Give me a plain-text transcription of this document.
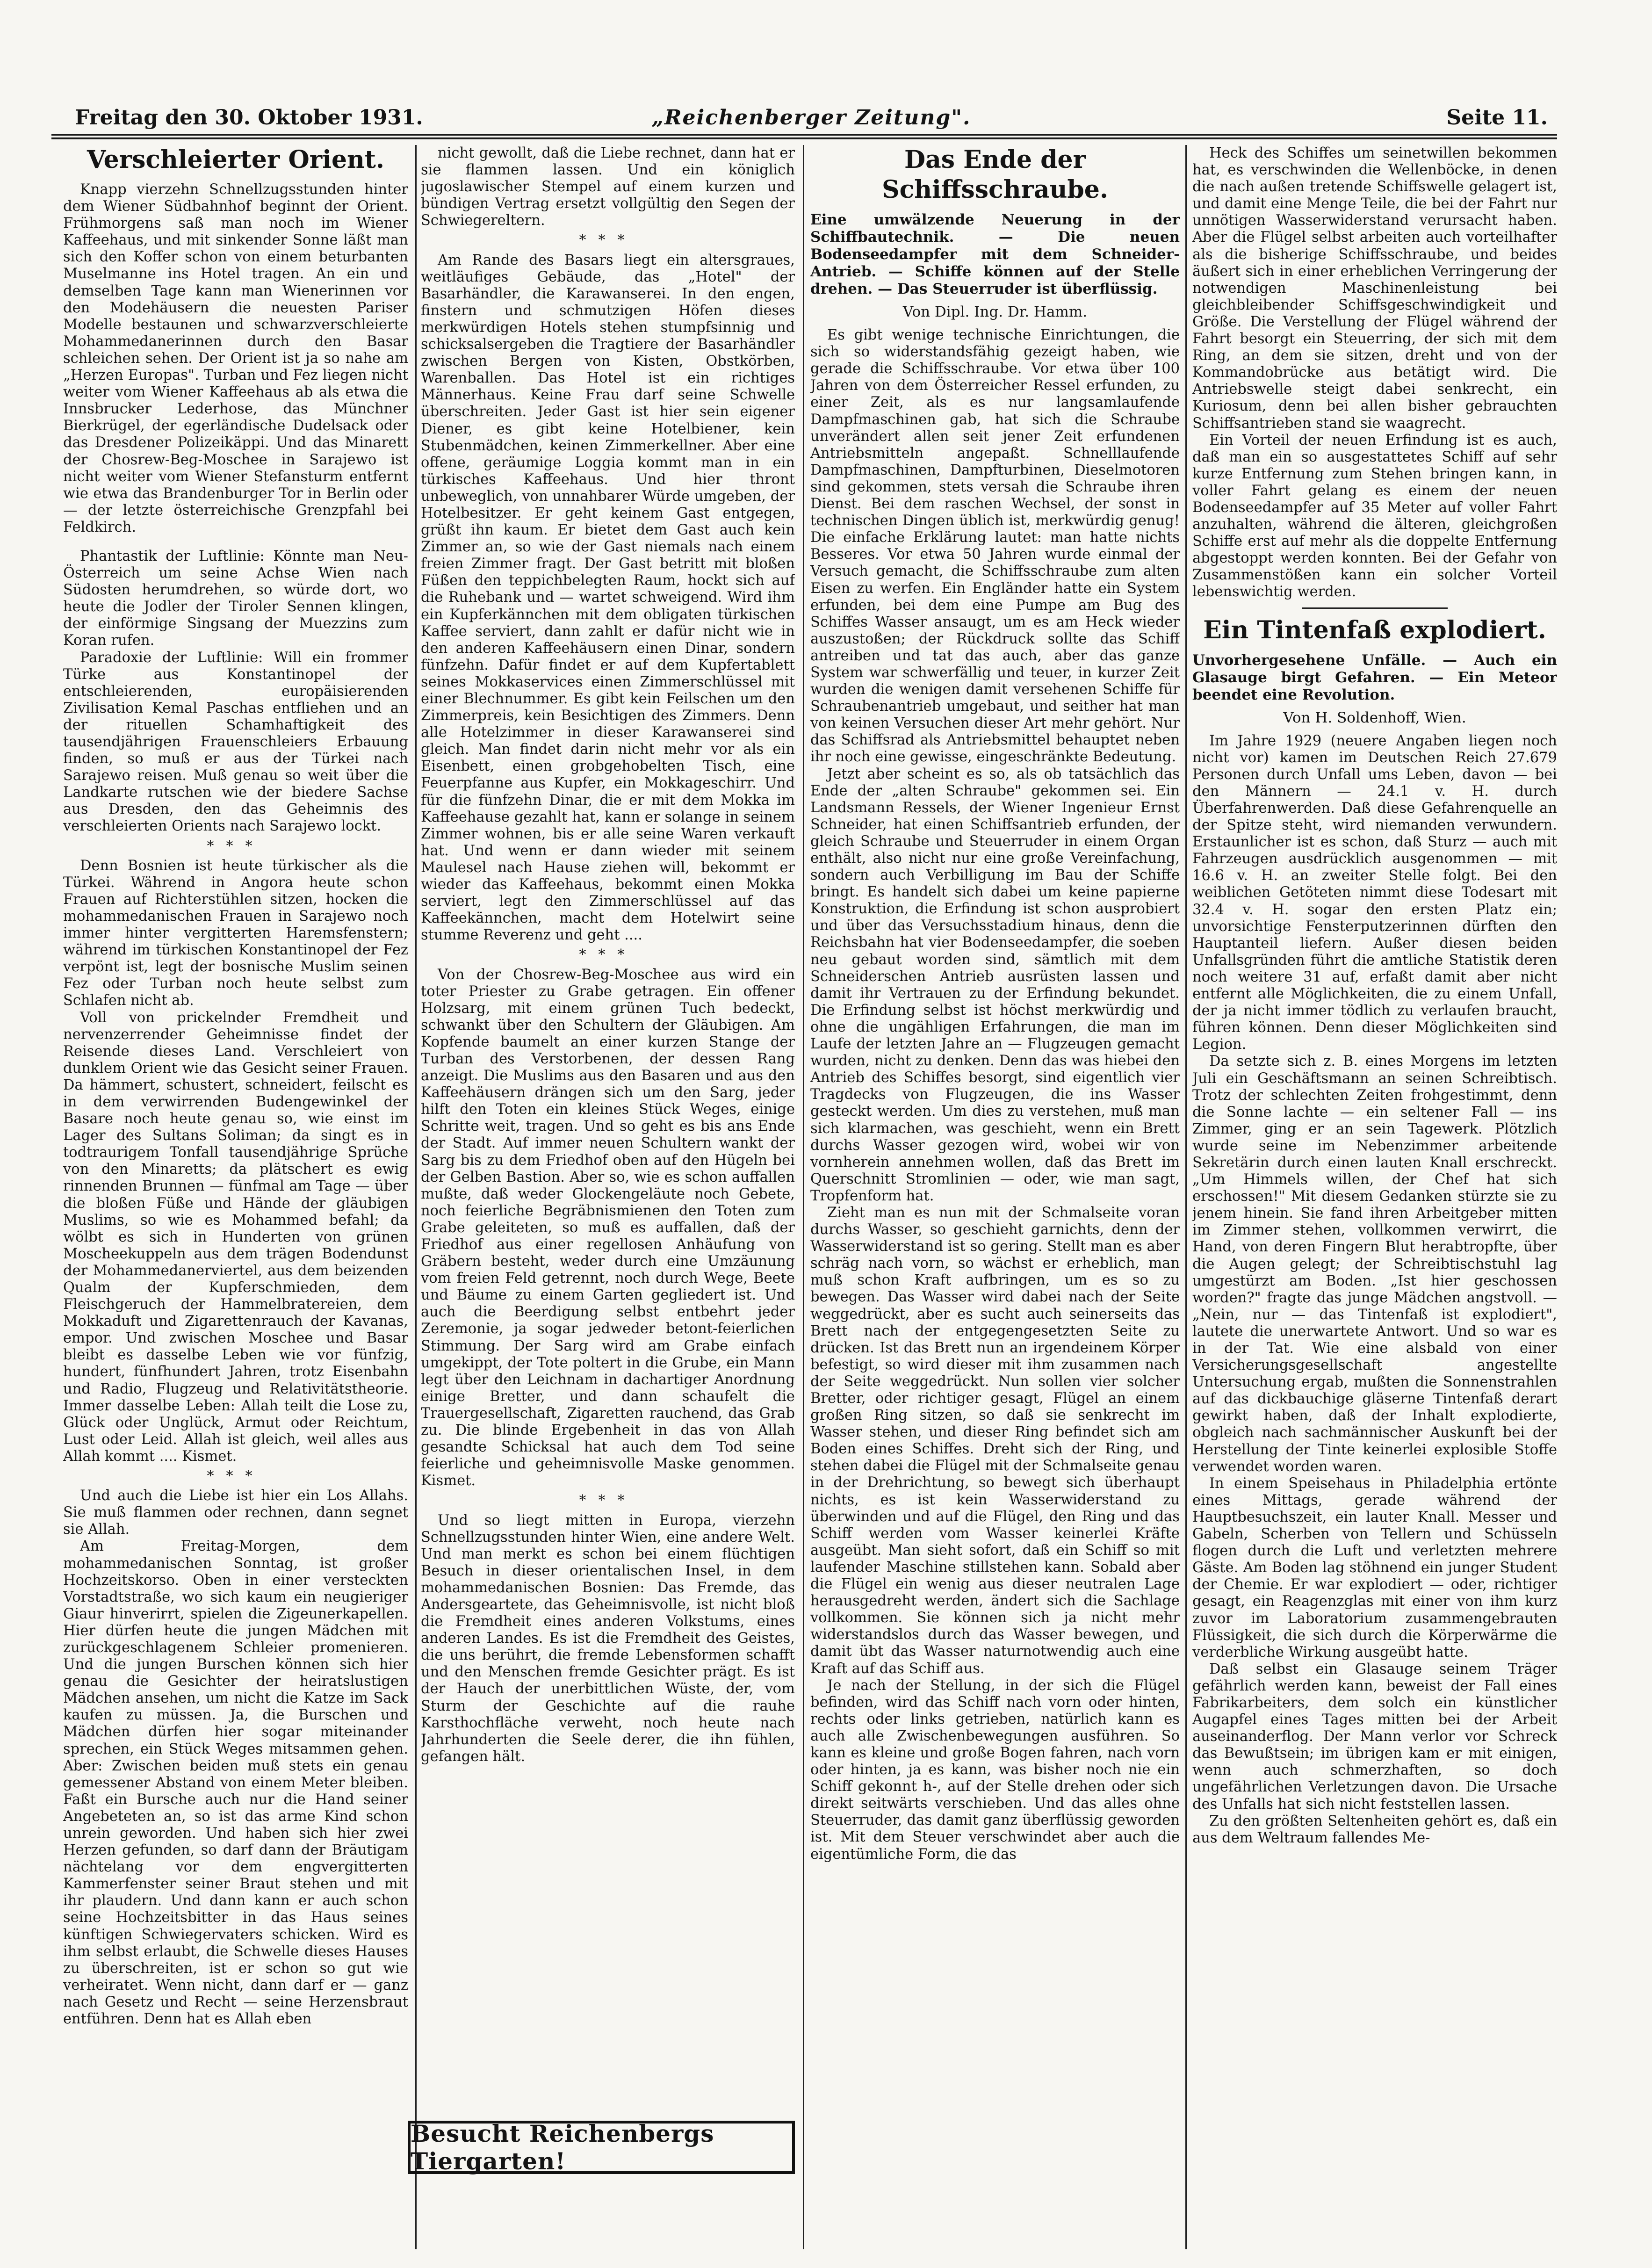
Freitag den 30. Oktober 1931.	„Reichenberger Zeitung".	Seite 11.
Verschleierter Orient.

Knapp vierzehn Schnellzugsstunden hinter dem Wiener Südbahnhof beginnt der Orient. Frühmorgens saß man noch im Wiener Kaffeehaus, und mit sinkender Sonne läßt man sich den Koffer schon von einem beturbanten Muselmanne ins Hotel tragen. An ein und demselben Tage kann man Wienerinnen vor den Modehäusern die neuesten Pariser Modelle bestaunen und schwarzverschleierte Mohammedanerinnen durch den Basar schleichen sehen. Der Orient ist ja so nahe am „Herzen Europas". Turban und Fez liegen nicht weiter vom Wiener Kaffeehaus ab als etwa die Innsbrucker Lederhose, das Münchner Bierkrügel, der egerländische Dudelsack oder das Dresdener Polizeikäppi. Und das Minarett der Chosrew-Beg-Moschee in Sarajewo ist nicht weiter vom Wiener Stefansturm entfernt wie etwa das Brandenburger Tor in Berlin oder — der letzte österreichische Grenzpfahl bei Feldkirch.

Phantastik der Luftlinie: Könnte man Neu-Österreich um seine Achse Wien nach Südosten herumdrehen, so würde dort, wo heute die Jodler der Tiroler Sennen klingen, der einförmige Singsang der Muezzins zum Koran rufen.

Paradoxie der Luftlinie: Will ein frommer Türke aus Konstantinopel der entschleierenden, europäisierenden Zivilisation Kemal Paschas entfliehen und an der rituellen Schamhaftigkeit des tausendjährigen Frauenschleiers Erbauung finden, so muß er aus der Türkei nach Sarajewo reisen. Muß genau so weit über die Landkarte rutschen wie der biedere Sachse aus Dresden, den das Geheimnis des verschleierten Orients nach Sarajewo lockt.

***

Denn Bosnien ist heute türkischer als die Türkei. Während in Angora heute schon Frauen auf Richterstühlen sitzen, hocken die mohammedanischen Frauen in Sarajewo noch immer hinter vergitterten Haremsfenstern; während im türkischen Konstantinopel der Fez verpönt ist, legt der bosnische Muslim seinen Fez oder Turban noch heute selbst zum Schlafen nicht ab.

Voll von prickelnder Fremdheit und nervenzerrender Geheimnisse findet der Reisende dieses Land. Verschleiert von dunklem Orient wie das Gesicht seiner Frauen. Da hämmert, schustert, schneidert, feilscht es in dem verwirrenden Budengewinkel der Basare noch heute genau so, wie einst im Lager des Sultans Soliman; da singt es in todtraurigem Tonfall tausendjährige Sprüche von den Minaretts; da plätschert es ewig rinnenden Brunnen — fünfmal am Tage — über die bloßen Füße und Hände der gläubigen Muslims, so wie es Mohammed befahl; da wölbt es sich in Hunderten von grünen Moscheekuppeln aus dem trägen Bodendunst der Mohammedanerviertel, aus dem beizenden Qualm der Kupferschmieden, dem Fleischgeruch der Hammelbratereien, dem Mokkaduft und Zigarettenrauch der Kavanas, empor. Und zwischen Moschee und Basar bleibt es dasselbe Leben wie vor fünfzig, hundert, fünfhundert Jahren, trotz Eisenbahn und Radio, Flugzeug und Relativitätstheorie. Immer dasselbe Leben: Allah teilt die Lose zu, Glück oder Unglück, Armut oder Reichtum, Lust oder Leid. Allah ist gleich, weil alles aus Allah kommt .... Kismet.

***

Und auch die Liebe ist hier ein Los Allahs. Sie muß flammen oder rechnen, dann segnet sie Allah.

Am Freitag-Morgen, dem mohammedanischen Sonntag, ist großer Hochzeitskorso. Oben in einer versteckten Vorstadtstraße, wo sich kaum ein neugieriger Giaur hinverirrt, spielen die Zigeunerkapellen. Hier dürfen heute die jungen Mädchen mit zurückgeschlagenem Schleier promenieren. Und die jungen Burschen können sich hier genau die Gesichter der heiratslustigen Mädchen ansehen, um nicht die Katze im Sack kaufen zu müssen. Ja, die Burschen und Mädchen dürfen hier sogar miteinander sprechen, ein Stück Weges mitsammen gehen. Aber: Zwischen beiden muß stets ein genau gemessener Abstand von einem Meter bleiben. Faßt ein Bursche auch nur die Hand seiner Angebeteten an, so ist das arme Kind schon unrein geworden. Und haben sich hier zwei Herzen gefunden, so darf dann der Bräutigam nächtelang vor dem engvergitterten Kammerfenster seiner Braut stehen und mit ihr plaudern. Und dann kann er auch schon seine Hochzeitsbitter in das Haus seines künftigen Schwiegervaters schicken. Wird es ihm selbst erlaubt, die Schwelle dieses Hauses zu überschreiten, ist er schon so gut wie verheiratet. Wenn nicht, dann darf er — ganz nach Gesetz und Recht — seine Herzensbraut entführen. Denn hat es Allah eben

nicht gewollt, daß die Liebe rechnet, dann hat er sie flammen lassen. Und ein königlich jugoslawischer Stempel auf einem kurzen und bündigen Vertrag ersetzt vollgültig den Segen der Schwiegereltern.

***

Am Rande des Basars liegt ein altersgraues, weitläufiges Gebäude, das „Hotel" der Basarhändler, die Karawanserei. In den engen, finstern und schmutzigen Höfen dieses merkwürdigen Hotels stehen stumpfsinnig und schicksalsergeben die Tragtiere der Basarhändler zwischen Bergen von Kisten, Obstkörben, Warenballen. Das Hotel ist ein richtiges Männerhaus. Keine Frau darf seine Schwelle überschreiten. Jeder Gast ist hier sein eigener Diener, es gibt keine Hotelbiener, kein Stubenmädchen, keinen Zimmerkellner. Aber eine offene, geräumige Loggia kommt man in ein türkisches Kaffeehaus. Und hier thront unbeweglich, von unnahbarer Würde umgeben, der Hotelbesitzer. Er geht keinem Gast entgegen, grüßt ihn kaum. Er bietet dem Gast auch kein Zimmer an, so wie der Gast niemals nach einem freien Zimmer fragt. Der Gast betritt mit bloßen Füßen den teppichbelegten Raum, hockt sich auf die Ruhebank und — wartet schweigend. Wird ihm ein Kupferkännchen mit dem obligaten türkischen Kaffee serviert, dann zahlt er dafür nicht wie in den anderen Kaffeehäusern einen Dinar, sondern fünfzehn. Dafür findet er auf dem Kupfertablett seines Mokkaservices einen Zimmerschlüssel mit einer Blechnummer. Es gibt kein Feilschen um den Zimmerpreis, kein Besichtigen des Zimmers. Denn alle Hotelzimmer in dieser Karawanserei sind gleich. Man findet darin nicht mehr vor als ein Eisenbett, einen grobgehobelten Tisch, eine Feuerpfanne aus Kupfer, ein Mokkageschirr. Und für die fünfzehn Dinar, die er mit dem Mokka im Kaffeehause gezahlt hat, kann er solange in seinem Zimmer wohnen, bis er alle seine Waren verkauft hat. Und wenn er dann wieder mit seinem Maulesel nach Hause ziehen will, bekommt er wieder das Kaffeehaus, bekommt einen Mokka serviert, legt den Zimmerschlüssel auf das Kaffeekännchen, macht dem Hotelwirt seine stumme Reverenz und geht ....

***

Von der Chosrew-Beg-Moschee aus wird ein toter Priester zu Grabe getragen. Ein offener Holzsarg, mit einem grünen Tuch bedeckt, schwankt über den Schultern der Gläubigen. Am Kopfende baumelt an einer kurzen Stange der Turban des Verstorbenen, der dessen Rang anzeigt. Die Muslims aus den Basaren und aus den Kaffeehäusern drängen sich um den Sarg, jeder hilft den Toten ein kleines Stück Weges, einige Schritte weit, tragen. Und so geht es bis ans Ende der Stadt. Auf immer neuen Schultern wankt der Sarg bis zu dem Friedhof oben auf den Hügeln bei der Gelben Bastion. Aber so, wie es schon auffallen mußte, daß weder Glockengeläute noch Gebete, noch feierliche Begräbnismienen den Toten zum Grabe geleiteten, so muß es auffallen, daß der Friedhof aus einer regellosen Anhäufung von Gräbern besteht, weder durch eine Umzäunung vom freien Feld getrennt, noch durch Wege, Beete und Bäume zu einem Garten gegliedert ist. Und auch die Beerdigung selbst entbehrt jeder Zeremonie, ja sogar jedweder betont-feierlichen Stimmung. Der Sarg wird am Grabe einfach umgekippt, der Tote poltert in die Grube, ein Mann legt über den Leichnam in dachartiger Anordnung einige Bretter, und dann schaufelt die Trauergesellschaft, Zigaretten rauchend, das Grab zu. Die blinde Ergebenheit in das von Allah gesandte Schicksal hat auch dem Tod seine feierliche und geheimnisvolle Maske genommen. Kismet.

***

Und so liegt mitten in Europa, vierzehn Schnellzugsstunden hinter Wien, eine andere Welt. Und man merkt es schon bei einem flüchtigen Besuch in dieser orientalischen Insel, in dem mohammedanischen Bosnien: Das Fremde, das Andersgeartete, das Geheimnisvolle, ist nicht bloß die Fremdheit eines anderen Volkstums, eines anderen Landes. Es ist die Fremdheit des Geistes, die uns berührt, die fremde Lebensformen schafft und den Menschen fremde Gesichter prägt. Es ist der Hauch der unerbittlichen Wüste, der, vom Sturm der Geschichte auf die rauhe Karsthochfläche verweht, noch heute nach Jahrhunderten die Seele derer, die ihn fühlen, gefangen hält.

Besucht Reichenbergs Tiergarten!
Das Ende der Schiffsschraube.
Eine umwälzende Neuerung in der Schiffbautechnik. — Die neuen Bodenseedampfer mit dem Schneider-Antrieb. — Schiffe können auf der Stelle drehen. — Das Steuerruder ist überflüssig.
Von Dipl. Ing. Dr. Hamm.

Es gibt wenige technische Einrichtungen, die sich so widerstandsfähig gezeigt haben, wie gerade die Schiffsschraube. Vor etwa über 100 Jahren von dem Österreicher Ressel erfunden, zu einer Zeit, als es nur langsamlaufende Dampfmaschinen gab, hat sich die Schraube unverändert allen seit jener Zeit erfundenen Antriebsmitteln angepaßt. Schnelllaufende Dampfmaschinen, Dampfturbinen, Dieselmotoren sind gekommen, stets versah die Schraube ihren Dienst. Bei dem raschen Wechsel, der sonst in technischen Dingen üblich ist, merkwürdig genug! Die einfache Erklärung lautet: man hatte nichts Besseres. Vor etwa 50 Jahren wurde einmal der Versuch gemacht, die Schiffsschraube zum alten Eisen zu werfen. Ein Engländer hatte ein System erfunden, bei dem eine Pumpe am Bug des Schiffes Wasser ansaugt, um es am Heck wieder auszustoßen; der Rückdruck sollte das Schiff antreiben und tat das auch, aber das ganze System war schwerfällig und teuer, in kurzer Zeit wurden die wenigen damit versehenen Schiffe für Schraubenantrieb umgebaut, und seither hat man von keinen Versuchen dieser Art mehr gehört. Nur das Schiffsrad als Antriebsmittel behauptet neben ihr noch eine gewisse, eingeschränkte Bedeutung.

Jetzt aber scheint es so, als ob tatsächlich das Ende der „alten Schraube" gekommen sei. Ein Landsmann Ressels, der Wiener Ingenieur Ernst Schneider, hat einen Schiffsantrieb erfunden, der gleich Schraube und Steuerruder in einem Organ enthält, also nicht nur eine große Vereinfachung, sondern auch Verbilligung im Bau der Schiffe bringt. Es handelt sich dabei um keine papierne Konstruktion, die Erfindung ist schon ausprobiert und über das Versuchsstadium hinaus, denn die Reichsbahn hat vier Bodenseedampfer, die soeben neu gebaut worden sind, sämtlich mit dem Schneiderschen Antrieb ausrüsten lassen und damit ihr Vertrauen zu der Erfindung bekundet. Die Erfindung selbst ist höchst merkwürdig und ohne die ungähligen Erfahrungen, die man im Laufe der letzten Jahre an — Flugzeugen gemacht wurden, nicht zu denken. Denn das was hiebei den Antrieb des Schiffes besorgt, sind eigentlich vier Tragdecks von Flugzeugen, die ins Wasser gesteckt werden. Um dies zu verstehen, muß man sich klarmachen, was geschieht, wenn ein Brett durchs Wasser gezogen wird, wobei wir von vornherein annehmen wollen, daß das Brett im Querschnitt Stromlinien — oder, wie man sagt, Tropfenform hat.

Zieht man es nun mit der Schmalseite voran durchs Wasser, so geschieht garnichts, denn der Wasserwiderstand ist so gering. Stellt man es aber schräg nach vorn, so wächst er erheblich, man muß schon Kraft aufbringen, um es so zu bewegen. Das Wasser wird dabei nach der Seite weggedrückt, aber es sucht auch seinerseits das Brett nach der entgegengesetzten Seite zu drücken. Ist das Brett nun an irgendeinem Körper befestigt, so wird dieser mit ihm zusammen nach der Seite weggedrückt. Nun sollen vier solcher Bretter, oder richtiger gesagt, Flügel an einem großen Ring sitzen, so daß sie senkrecht im Wasser stehen, und dieser Ring befindet sich am Boden eines Schiffes. Dreht sich der Ring, und stehen dabei die Flügel mit der Schmalseite genau in der Drehrichtung, so bewegt sich überhaupt nichts, es ist kein Wasserwiderstand zu überwinden und auf die Flügel, den Ring und das Schiff werden vom Wasser keinerlei Kräfte ausgeübt. Man sieht sofort, daß ein Schiff so mit laufender Maschine stillstehen kann. Sobald aber die Flügel ein wenig aus dieser neutralen Lage herausgedreht werden, ändert sich die Sachlage vollkommen. Sie können sich ja nicht mehr widerstandslos durch das Wasser bewegen, und damit übt das Wasser naturnotwendig auch eine Kraft auf das Schiff aus.

Je nach der Stellung, in der sich die Flügel befinden, wird das Schiff nach vorn oder hinten, rechts oder links getrieben, natürlich kann es auch alle Zwischenbewegungen ausführen. So kann es kleine und große Bogen fahren, nach vorn oder hinten, ja es kann, was bisher noch nie ein Schiff gekonnt h-, auf der Stelle drehen oder sich direkt seitwärts verschieben. Und das alles ohne Steuerruder, das damit ganz überflüssig geworden ist. Mit dem Steuer verschwindet aber auch die eigentümliche Form, die das

Heck des Schiffes um seinetwillen bekommen hat, es verschwinden die Wellenböcke, in denen die nach außen tretende Schiffswelle gelagert ist, und damit eine Menge Teile, die bei der Fahrt nur unnötigen Wasserwiderstand verursacht haben. Aber die Flügel selbst arbeiten auch vorteilhafter als die bisherige Schiffsschraube, und beides äußert sich in einer erheblichen Verringerung der notwendigen Maschinenleistung bei gleichbleibender Schiffsgeschwindigkeit und Größe. Die Verstellung der Flügel während der Fahrt besorgt ein Steuerring, der sich mit dem Ring, an dem sie sitzen, dreht und von der Kommandobrücke aus betätigt wird. Die Antriebswelle steigt dabei senkrecht, ein Kuriosum, denn bei allen bisher gebrauchten Schiffsantrieben stand sie waagrecht.

Ein Vorteil der neuen Erfindung ist es auch, daß man ein so ausgestattetes Schiff auf sehr kurze Entfernung zum Stehen bringen kann, in voller Fahrt gelang es einem der neuen Bodenseedampfer auf 35 Meter auf voller Fahrt anzuhalten, während die älteren, gleichgroßen Schiffe erst auf mehr als die doppelte Entfernung abgestoppt werden konnten. Bei der Gefahr von Zusammenstößen kann ein solcher Vorteil lebenswichtig werden.

Ein Tintenfaß explodiert.
Unvorhergesehene Unfälle. — Auch ein Glasauge birgt Gefahren. — Ein Meteor beendet eine Revolution.
Von H. Soldenhoff, Wien.

Im Jahre 1929 (neuere Angaben liegen noch nicht vor) kamen im Deutschen Reich 27.679 Personen durch Unfall ums Leben, davon — bei den Männern — 24.1 v. H. durch Überfahrenwerden. Daß diese Gefahrenquelle an der Spitze steht, wird niemanden verwundern. Erstaunlicher ist es schon, daß Sturz — auch mit Fahrzeugen ausdrücklich ausgenommen — mit 16.6 v. H. an zweiter Stelle folgt. Bei den weiblichen Getöteten nimmt diese Todesart mit 32.4 v. H. sogar den ersten Platz ein; unvorsichtige Fensterputzerinnen dürften den Hauptanteil liefern. Außer diesen beiden Unfallsgründen führt die amtliche Statistik deren noch weitere 31 auf, erfaßt damit aber nicht entfernt alle Möglichkeiten, die zu einem Unfall, der ja nicht immer tödlich zu verlaufen braucht, führen können. Denn dieser Möglichkeiten sind Legion.

Da setzte sich z. B. eines Morgens im letzten Juli ein Geschäftsmann an seinen Schreibtisch. Trotz der schlechten Zeiten frohgestimmt, denn die Sonne lachte — ein seltener Fall — ins Zimmer, ging er an sein Tagewerk. Plötzlich wurde seine im Nebenzimmer arbeitende Sekretärin durch einen lauten Knall erschreckt. „Um Himmels willen, der Chef hat sich erschossen!" Mit diesem Gedanken stürzte sie zu jenem hinein. Sie fand ihren Arbeitgeber mitten im Zimmer stehen, vollkommen verwirrt, die Hand, von deren Fingern Blut herabtropfte, über die Augen gelegt; der Schreibtischstuhl lag umgestürzt am Boden. „Ist hier geschossen worden?" fragte das junge Mädchen angstvoll. — „Nein, nur — das Tintenfaß ist explodiert", lautete die unerwartete Antwort. Und so war es in der Tat. Wie eine alsbald von einer Versicherungsgesellschaft angestellte Untersuchung ergab, mußten die Sonnenstrahlen auf das dickbauchige gläserne Tintenfaß derart gewirkt haben, daß der Inhalt explodierte, obgleich nach sachmännischer Auskunft bei der Herstellung der Tinte keinerlei explosible Stoffe verwendet worden waren.

In einem Speisehaus in Philadelphia ertönte eines Mittags, gerade während der Hauptbesuchszeit, ein lauter Knall. Messer und Gabeln, Scherben von Tellern und Schüsseln flogen durch die Luft und verletzten mehrere Gäste. Am Boden lag stöhnend ein junger Student der Chemie. Er war explodiert — oder, richtiger gesagt, ein Reagenzglas mit einer von ihm kurz zuvor im Laboratorium zusammengebrauten Flüssigkeit, die sich durch die Körperwärme die verderbliche Wirkung ausgeübt hatte.

Daß selbst ein Glasauge seinem Träger gefährlich werden kann, beweist der Fall eines Fabrikarbeiters, dem solch ein künstlicher Augapfel eines Tages mitten bei der Arbeit auseinanderflog. Der Mann verlor vor Schreck das Bewußtsein; im übrigen kam er mit einigen, wenn auch schmerzhaften, so doch ungefährlichen Verletzungen davon. Die Ursache des Unfalls hat sich nicht feststellen lassen.

Zu den größten Seltenheiten gehört es, daß ein aus dem Weltraum fallendes Me-
